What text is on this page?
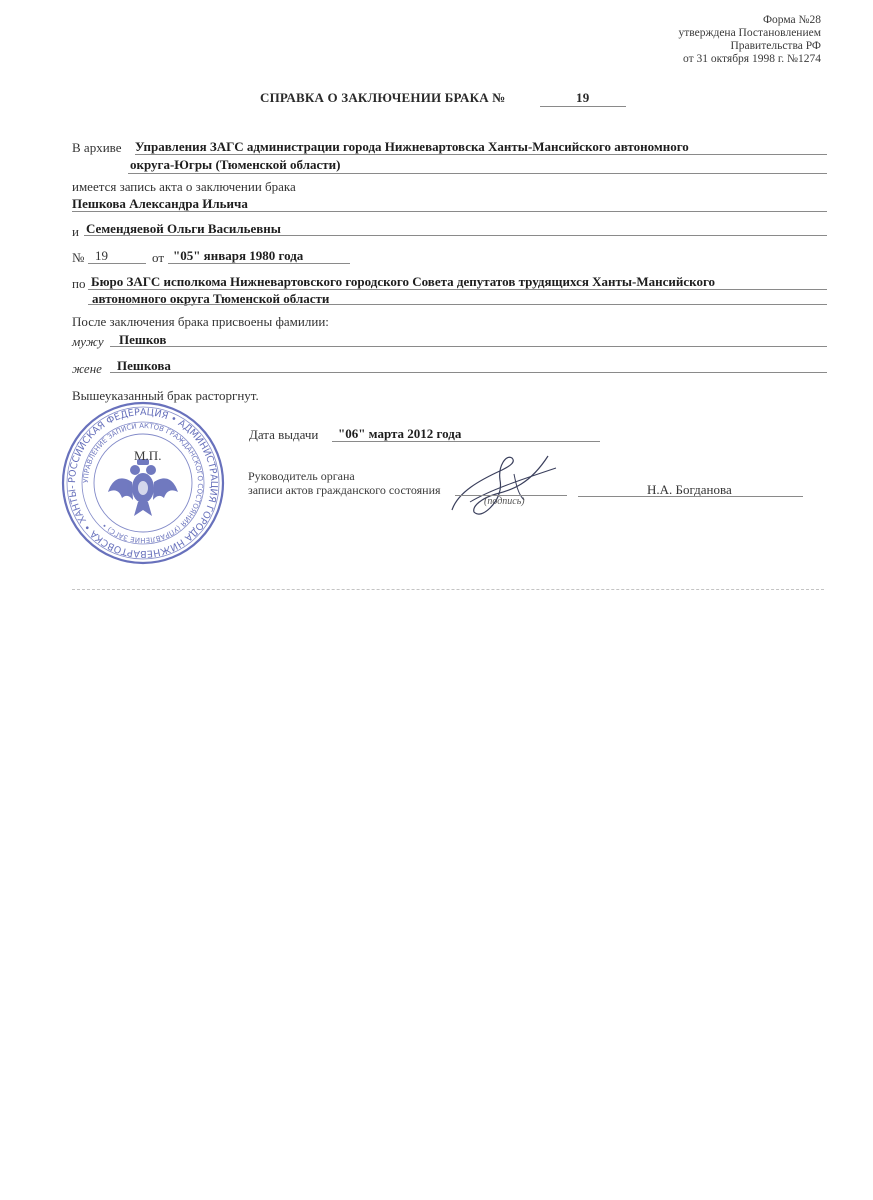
Форма №28
утверждена Постановлением
Правительства РФ
от 31 октября 1998 г. №1274
СПРАВКА О ЗАКЛЮЧЕНИИ БРАКА №	19
В архиве Управления ЗАГС администрации города Нижневартовска Ханты-Мансийского автономного
округа-Югры (Тюменской области)
имеется запись акта о заключении брака
Пешкова Александра Ильича
и Семендяевой Ольги Васильевны
№ 19	от "05" января 1980 года
по Бюро ЗАГС исполкома Нижневартовского городского Совета депутатов трудящихся Ханты-Мансийского
автономного округа Тюменской области
После заключения брака присвоены фамилии:
мужу Пешков
жене Пешкова
Вышеуказанный брак расторгнут.
РОССИЙСКАЯ ФЕДЕРАЦИЯ • АДМИНИСТРАЦИЯ ГОРОДА НИЖНЕВАРТОВСКА • ХАНТЫ-
УПРАВЛЕНИЕ ЗАПИСИ АКТОВ ГРАЖДАНСКОГО СОСТОЯНИЯ (УПРАВЛЕНИЕ ЗАГС) •
М.П.
Дата выдачи "06" марта 2012 года
Руководитель органа
записи актов гражданского состояния
(подпись)
Н.А. Богданова
